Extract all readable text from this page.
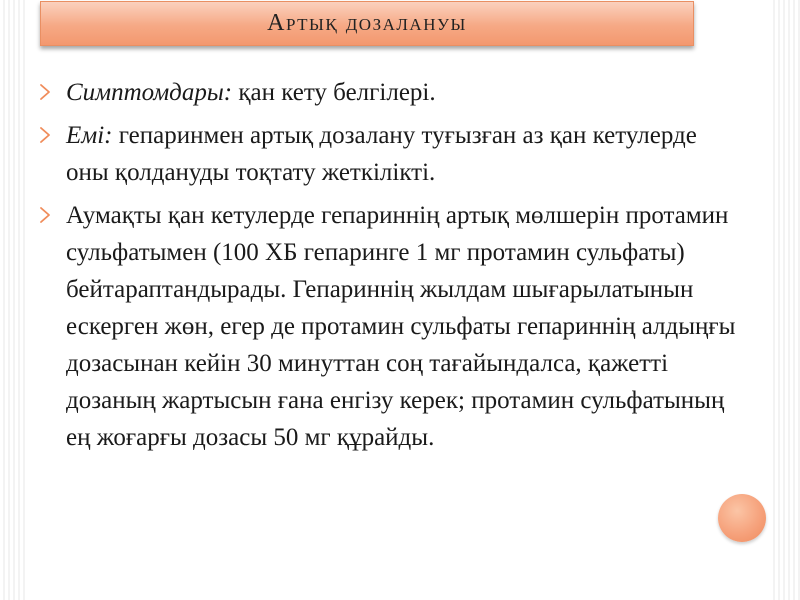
Артық дозалануы
Симптомдары: қан кету белгілері.
Емі: гепаринмен артық дозалану туғызған аз қан кетулерде оны қолдануды тоқтату жеткілікті.
Аумақты қан кетулерде гепариннің артық мөлшерін протамин сульфатымен (100 ХБ гепаринге 1 мг протамин сульфаты) бейтараптандырады. Гепариннің жылдам шығарылатынын ескерген жөн, егер де протамин сульфаты гепариннің алдыңғы дозасынан кейін 30 минуттан соң тағайындалса, қажетті дозаның жартысын ғана енгізу керек; протамин сульфатының ең жоғарғы дозасы 50 мг құрайды.
